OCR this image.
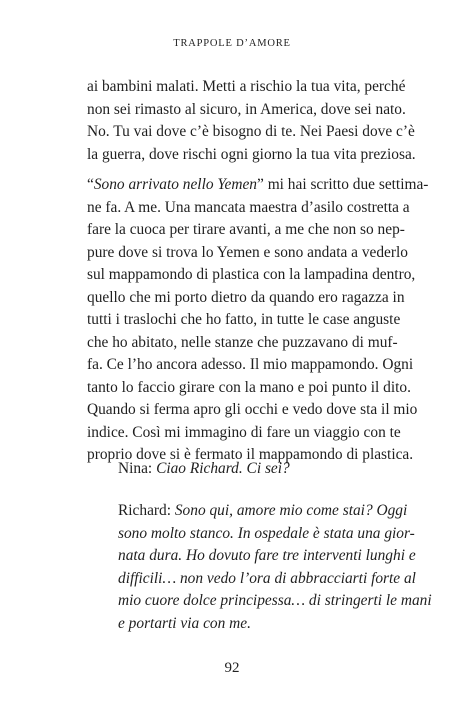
TRAPPOLE D’AMORE
ai bambini malati. Metti a rischio la tua vita, perché
non sei rimasto al sicuro, in America, dove sei nato.
No. Tu vai dove c’è bisogno di te. Nei Paesi dove c’è
la guerra, dove rischi ogni giorno la tua vita preziosa.
“Sono arrivato nello Yemen” mi hai scritto due settima-
ne fa. A me. Una mancata maestra d’asilo costretta a
fare la cuoca per tirare avanti, a me che non so nep-
pure dove si trova lo Yemen e sono andata a vederlo
sul mappamondo di plastica con la lampadina dentro,
quello che mi porto dietro da quando ero ragazza in
tutti i traslochi che ho fatto, in tutte le case anguste
che ho abitato, nelle stanze che puzzavano di muf-
fa. Ce l’ho ancora adesso. Il mio mappamondo. Ogni
tanto lo faccio girare con la mano e poi punto il dito.
Quando si ferma apro gli occhi e vedo dove sta il mio
indice. Così mi immagino di fare un viaggio con te
proprio dove si è fermato il mappamondo di plastica.
Nina: Ciao Richard. Ci sei?
Richard: Sono qui, amore mio come stai? Oggi
sono molto stanco. In ospedale è stata una gior-
nata dura. Ho dovuto fare tre interventi lunghi e
difficili… non vedo l’ora di abbracciarti forte al
mio cuore dolce principessa… di stringerti le mani
e portarti via con me.
92
